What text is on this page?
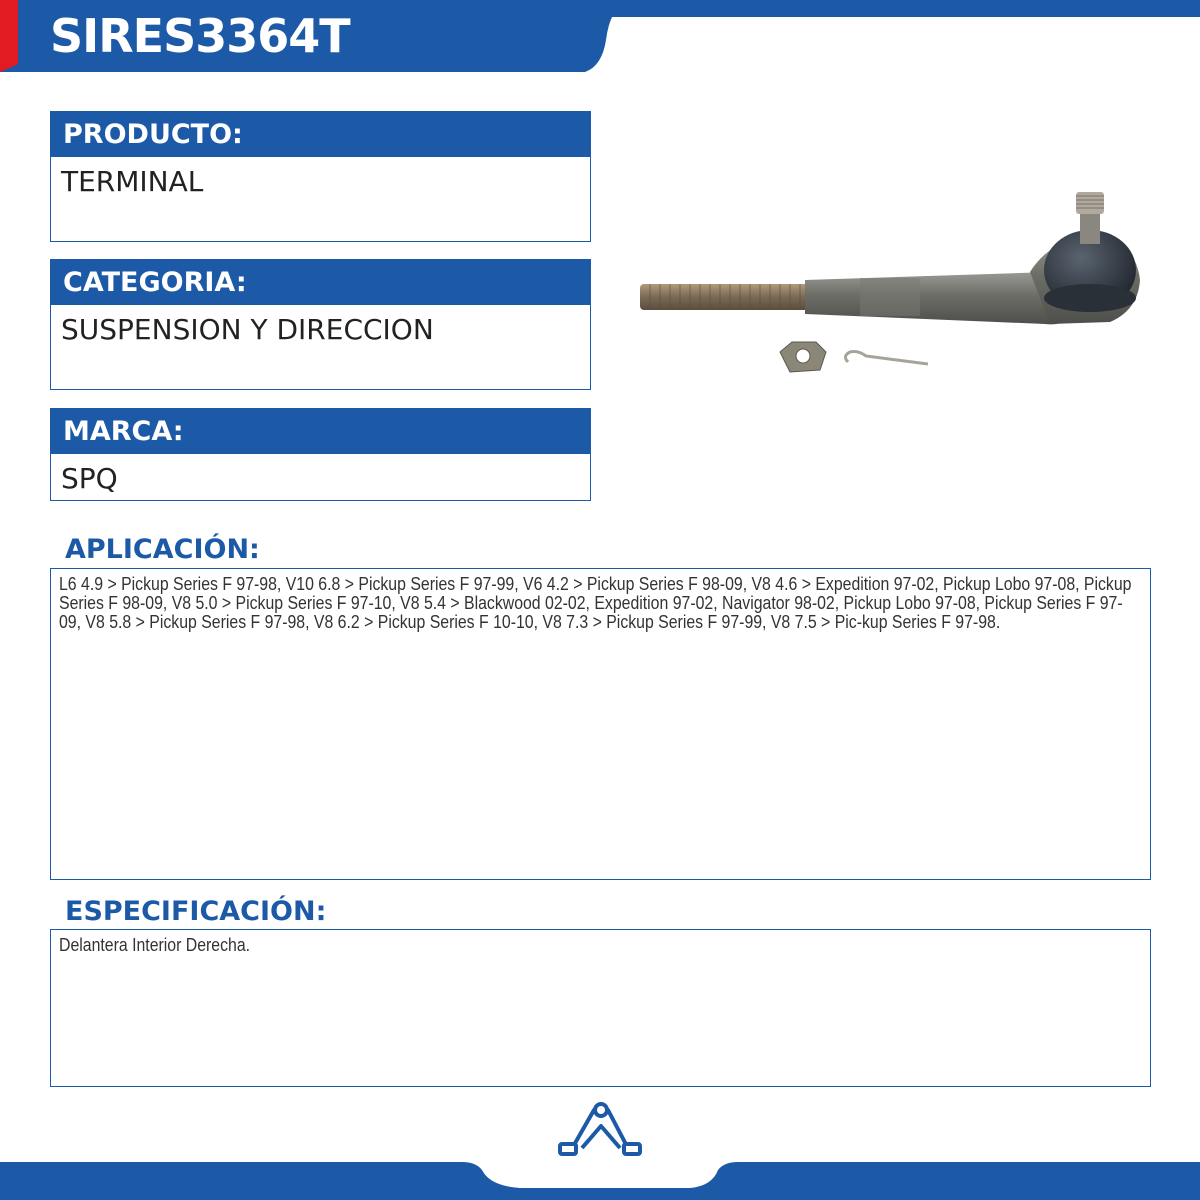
SIRES3364T
PRODUCTO:
TERMINAL
CATEGORIA:
SUSPENSION Y DIRECCION
MARCA:
SPQ
APLICACIÓN:

L6 4.9 > Pickup Series F 97-98, V10 6.8 > Pickup Series F 97-99, V6 4.2 > Pickup Series F 98-09, V8 4.6 > Expedition 97-02, Pickup Lobo 97-08, Pickup Series F 98-09, V8 5.0 > Pickup Series F 97-10, V8 5.4 > Blackwood 02-02, Expedition 97-02, Navigator 98-02, Pickup Lobo 97-08, Pickup Series F 97-09, V8 5.8 > Pickup Series F 97-98, V8 6.2 > Pickup Series F 10-10, V8 7.3 > Pickup Series F 97-99, V8 7.5 > Pic-kup Series F 97-98.

ESPECIFICACIÓN:

Delantera Interior Derecha.

SUSPENSIÓN Y DIRECCIÓN
